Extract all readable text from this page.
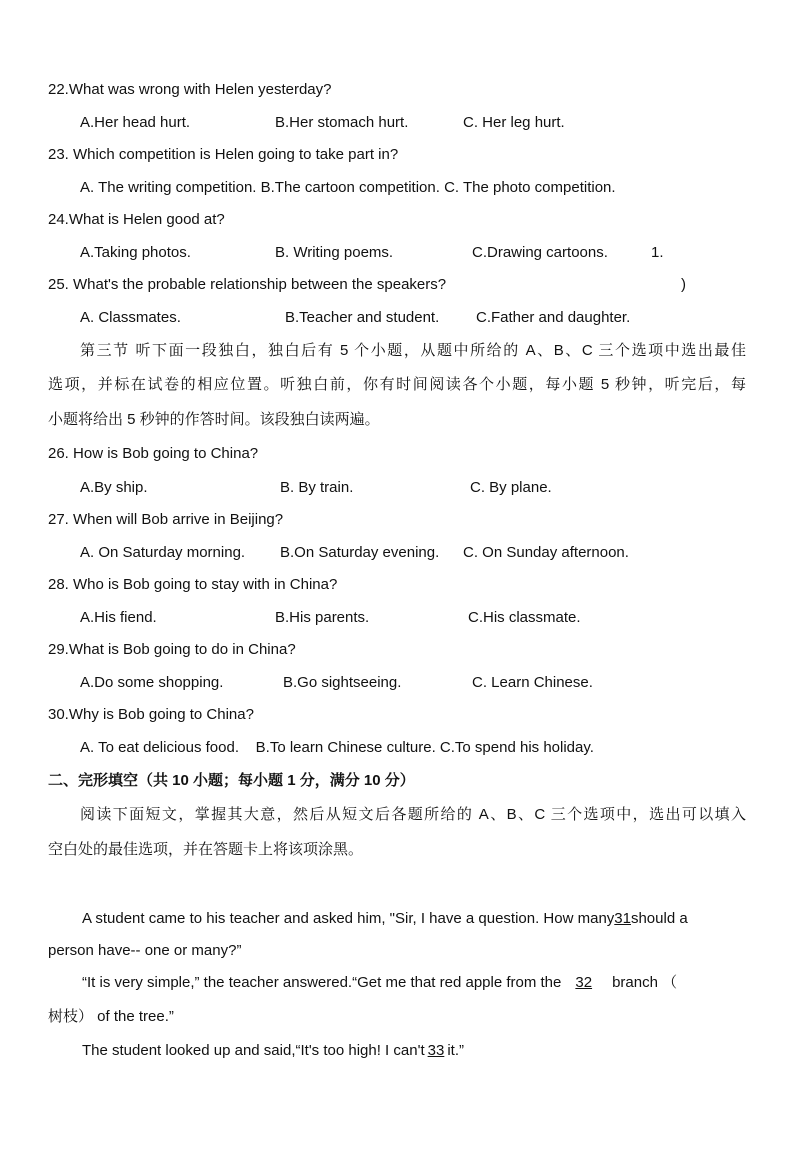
22.What was wrong with Helen yesterday?
A.Her head hurt.	B.Her stomach hurt.	C. Her leg hurt.
23. Which competition is Helen going to take part in?
A. The writing competition. B.The cartoon competition. C. The photo competition.
24.What is Helen good at?
A.Taking photos.	B. Writing poems.	C.Drawing cartoons.	1.
25. What's the probable relationship between the speakers?	)
A. Classmates.	B.Teacher and student. C.Father and daughter.
第三节 听下面一段独白，独白后有 5 个小题，从题中所给的 A、B、C 三个选项中选出最佳
选项，并标在试卷的相应位置。听独白前，你有时间阅读各个小题，每小题 5 秒钟，听完后，每
小题将给出 5 秒钟的作答时间。该段独白读两遍。
26. How is Bob going to China?
A.By ship.	B. By train.	C. By plane.
27. When will Bob arrive in Beijing?
A. On Saturday morning. B.On Saturday evening. C. On Sunday afternoon.
28. Who is Bob going to stay with in China?
A.His fiend.	B.His parents.	C.His classmate.
29.What is Bob going to do in China?
A.Do some shopping.	B.Go sightseeing.	C. Learn Chinese.
30.Why is Bob going to China?
A. To eat delicious food.    B.To learn Chinese culture. C.To spend his holiday.
二、完形填空（共 10 小题；每小题 1 分，满分 10 分）
阅读下面短文，掌握其大意，然后从短文后各题所给的 A、B、C 三个选项中，选出可以填入
空白处的最佳选项，并在答题卡上将该项涂黑。
A student came to his teacher and asked him, "Sir, I have a question. How many31should a
person have-- one or many?”
“It is very simple,” the teacher answered.“Get me that red apple from the 32 branch （
树枝） of the tree.”
The student looked up and said,“It's too high! I can't 33 it.”
